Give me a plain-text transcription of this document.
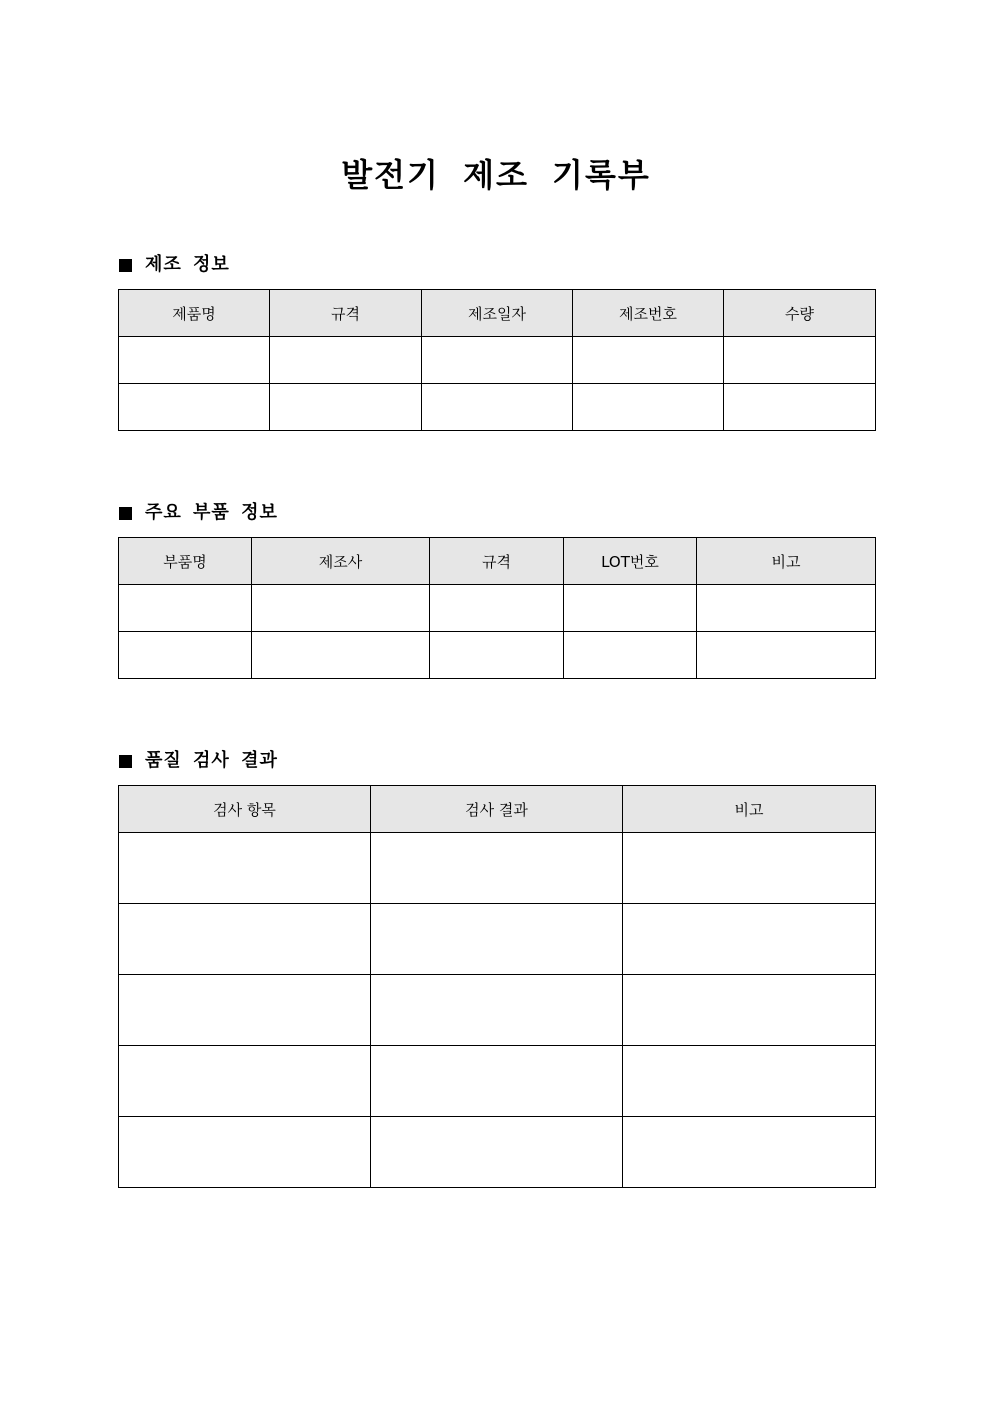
발전기 제조 기록부
제조 정보
제품명	규격	제조일자	제조번호	수량

주요 부품 정보
부품명	제조사	규격	LOT번호	비고

품질 검사 결과
검사 항목	검사 결과	비고
